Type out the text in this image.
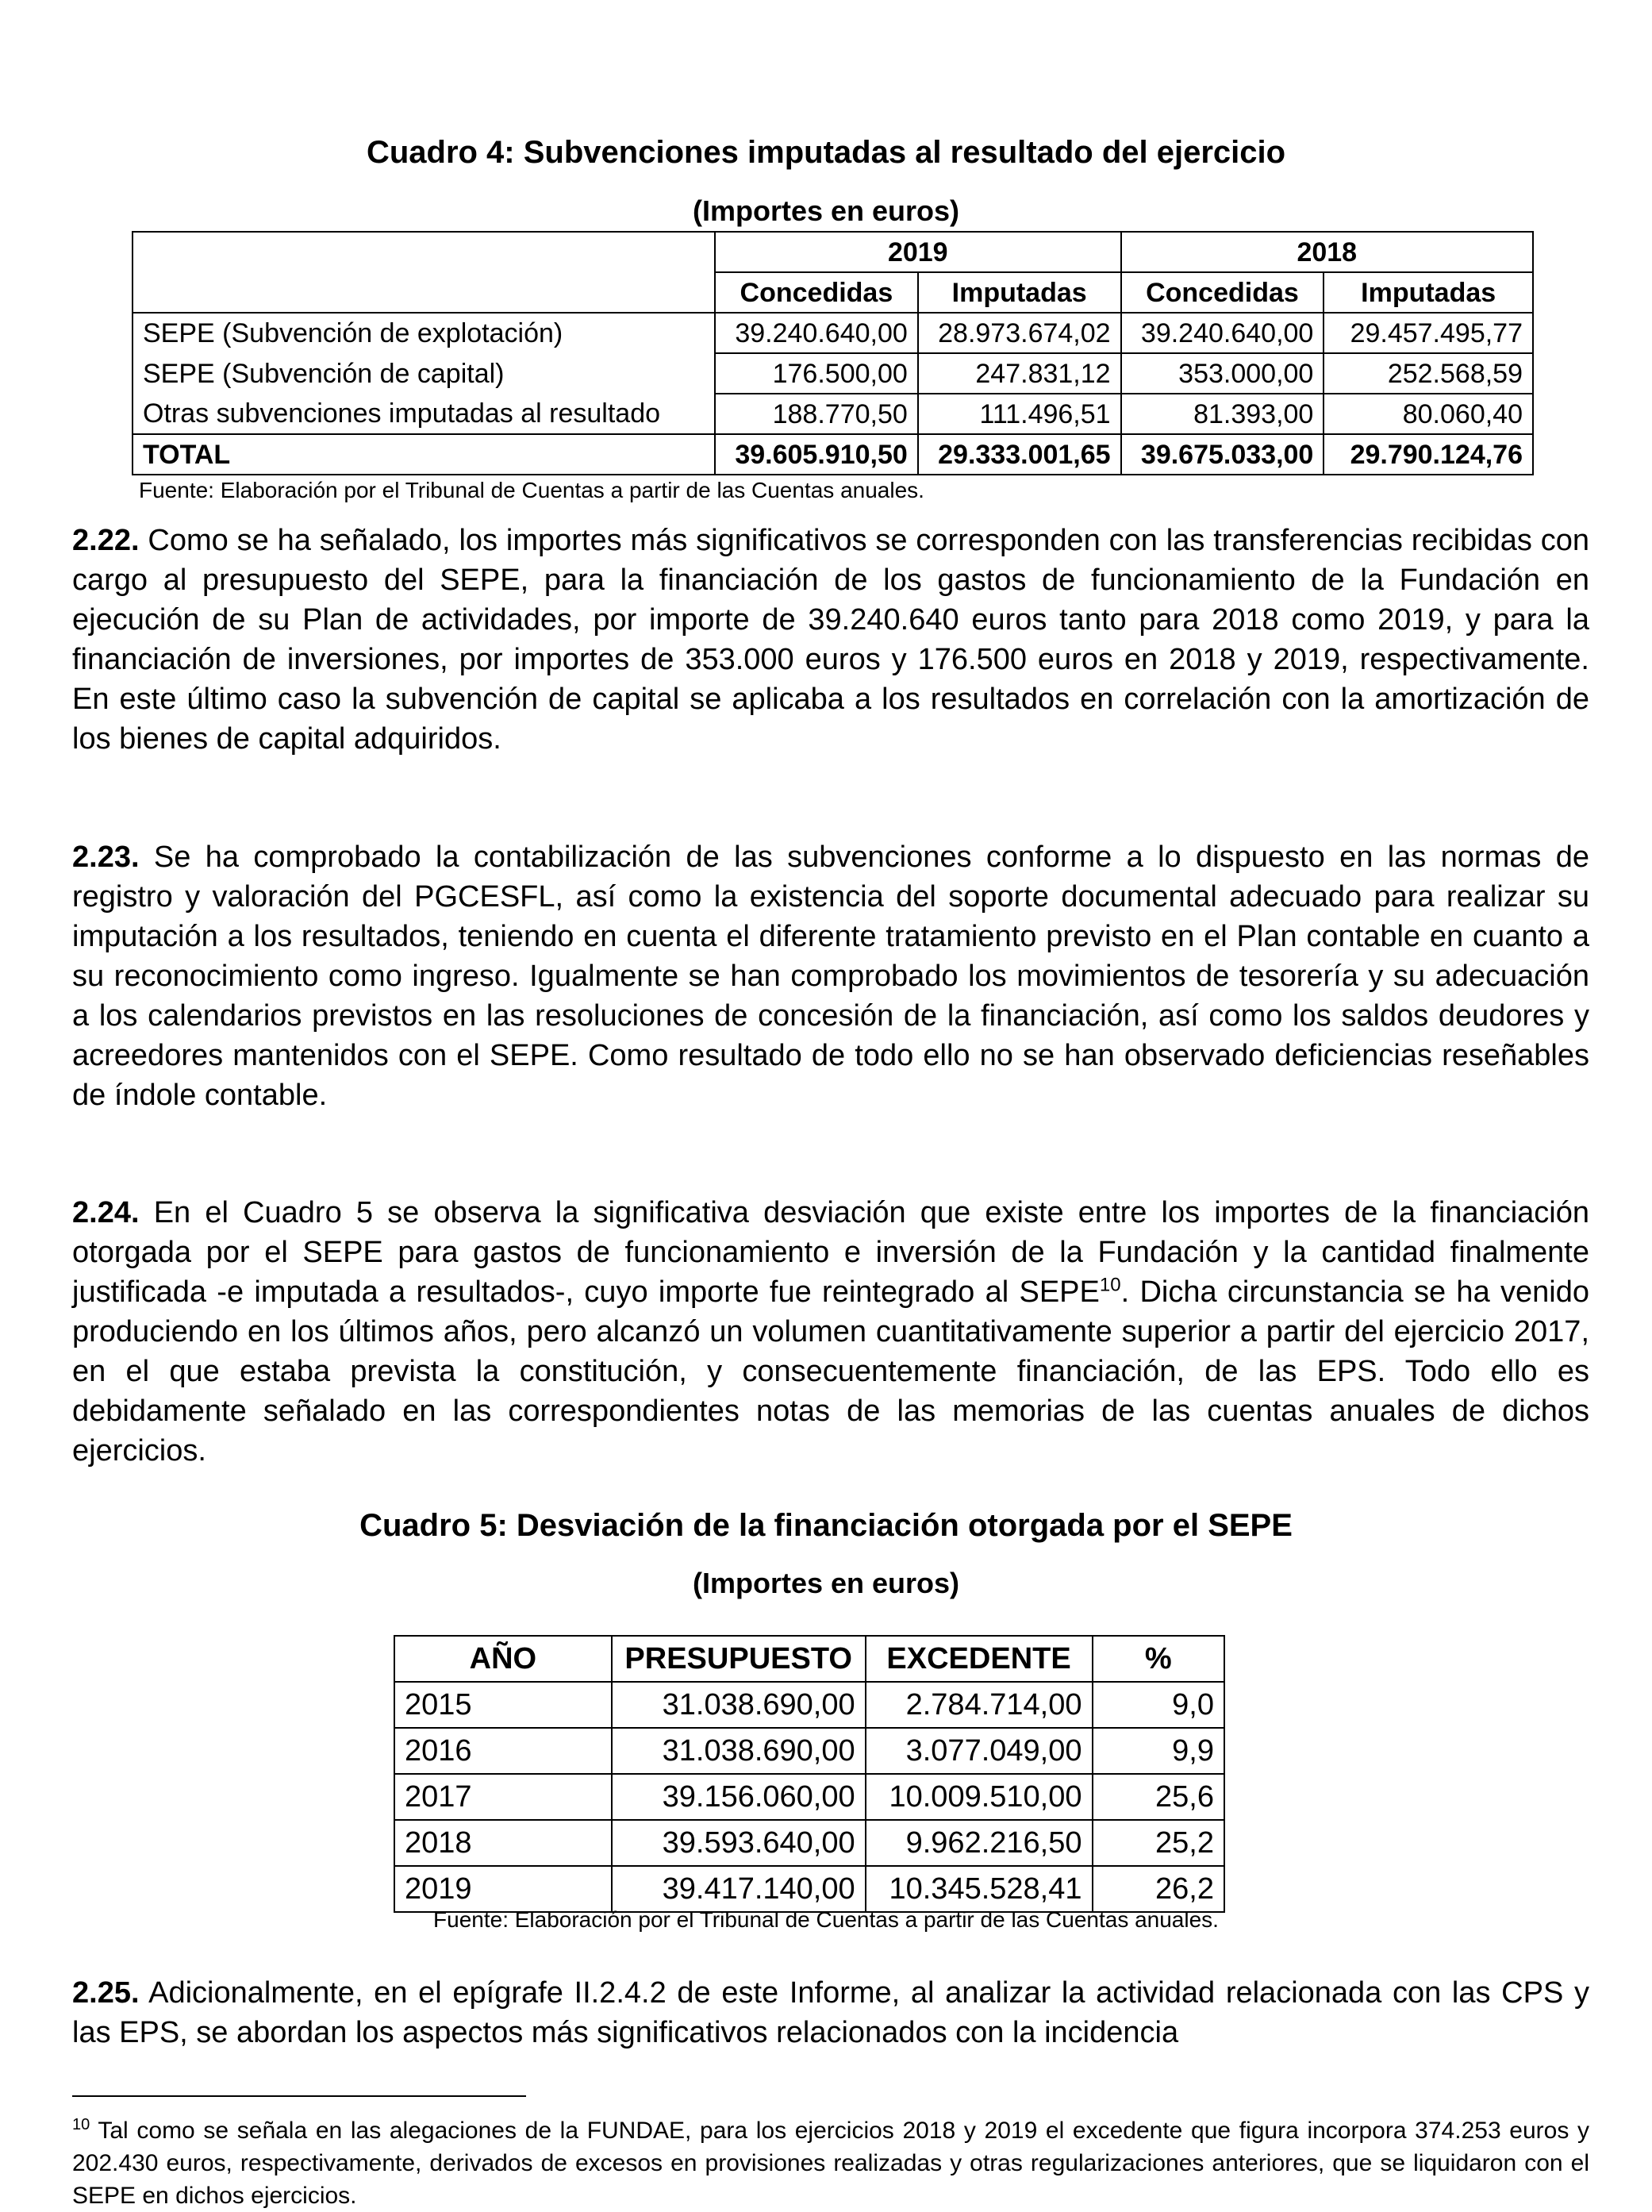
Cuadro 4: Subvenciones imputadas al resultado del ejercicio
(Importes en euros)
	2019		2018	
	Concedidas	Imputadas	Concedidas	Imputadas
SEPE (Subvención de explotación)	39.240.640,00	28.973.674,02	39.240.640,00	29.457.495,77
SEPE (Subvención de capital)	176.500,00	247.831,12	353.000,00	252.568,59
Otras subvenciones imputadas al resultado	188.770,50	111.496,51	81.393,00	80.060,40
TOTAL	39.605.910,50	29.333.001,65	39.675.033,00	29.790.124,76

Fuente: Elaboración por el Tribunal de Cuentas a partir de las Cuentas anuales.

2.22. Como se ha señalado, los importes más significativos se corresponden con las transferencias recibidas con cargo al presupuesto del SEPE, para la financiación de los gastos de funcionamiento de la Fundación en ejecución de su Plan de actividades, por importe de 39.240.640 euros tanto para 2018 como 2019, y para la financiación de inversiones, por importes de 353.000 euros y 176.500 euros en 2018 y 2019, respectivamente. En este último caso la subvención de capital se aplicaba a los resultados en correlación con la amortización de los bienes de capital adquiridos.

2.23. Se ha comprobado la contabilización de las subvenciones conforme a lo dispuesto en las normas de registro y valoración del PGCESFL, así como la existencia del soporte documental adecuado para realizar su imputación a los resultados, teniendo en cuenta el diferente tratamiento previsto en el Plan contable en cuanto a su reconocimiento como ingreso. Igualmente se han comprobado los movimientos de tesorería y su adecuación a los calendarios previstos en las resoluciones de concesión de la financiación, así como los saldos deudores y acreedores mantenidos con el SEPE. Como resultado de todo ello no se han observado deficiencias reseñables de índole contable.

2.24. En el Cuadro 5 se observa la significativa desviación que existe entre los importes de la financiación otorgada por el SEPE para gastos de funcionamiento e inversión de la Fundación y la cantidad finalmente justificada -e imputada a resultados-, cuyo importe fue reintegrado al SEPE$^{10}$. Dicha circunstancia se ha venido produciendo en los últimos años, pero alcanzó un volumen cuantitativamente superior a partir del ejercicio 2017, en el que estaba prevista la constitución, y consecuentemente financiación, de las EPS. Todo ello es debidamente señalado en las correspondientes notas de las memorias de las cuentas anuales de dichos ejercicios.

Cuadro 5: Desviación de la financiación otorgada por el SEPE
(Importes en euros)
AÑO	PRESUPUESTO	EXCEDENTE	%
2015	31.038.690,00	2.784.714,00	9,0
2016	31.038.690,00	3.077.049,00	9,9
2017	39.156.060,00	10.009.510,00	25,6
2018	39.593.640,00	9.962.216,50	25,2
2019	39.417.140,00	10.345.528,41	26,2

Fuente: Elaboración por el Tribunal de Cuentas a partir de las Cuentas anuales.

2.25. Adicionalmente, en el epígrafe II.2.4.2 de este Informe, al analizar la actividad relacionada con las CPS y las EPS, se abordan los aspectos más significativos relacionados con la incidencia

$^{10}$ Tal como se señala en las alegaciones de la FUNDAE, para los ejercicios 2018 y 2019 el excedente que figura incorpora 374.253 euros y 202.430 euros, respectivamente, derivados de excesos en provisiones realizadas y otras regularizaciones anteriores, que se liquidaron con el SEPE en dichos ejercicios.
